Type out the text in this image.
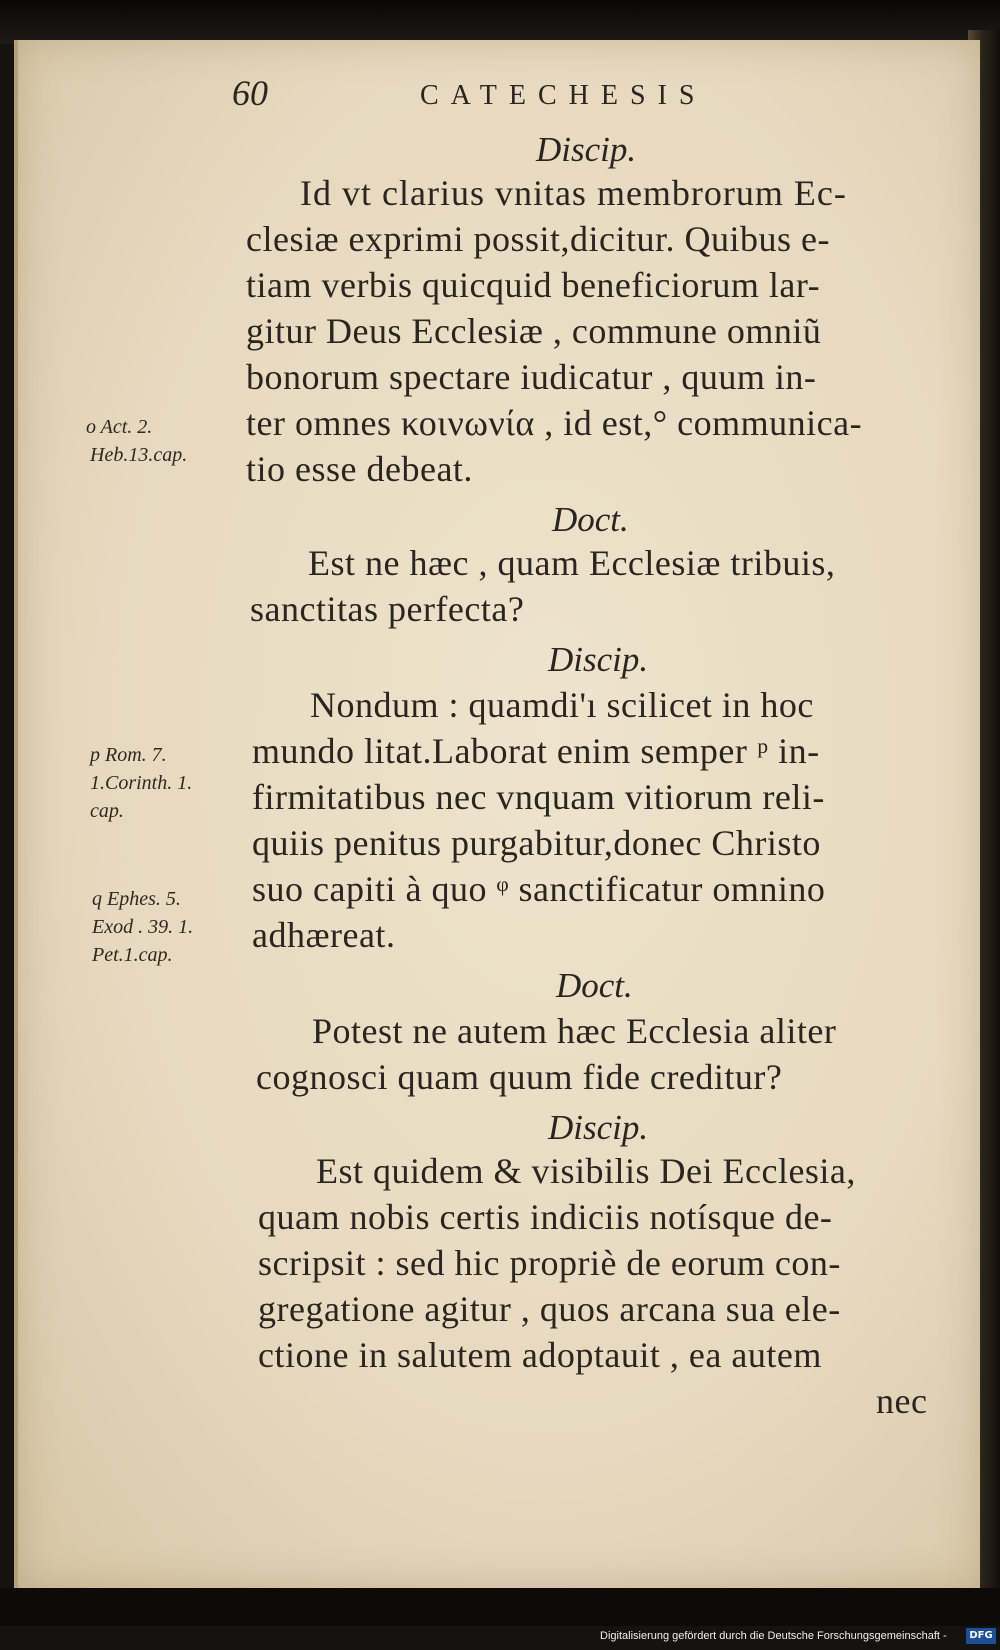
60	CATECHESIS
Discip.
Id vt clarius vnitas membrorum Ec-
clesiæ exprimi possit,dicitur. Quibus e-
tiam verbis quicquid beneficiorum lar-
gitur Deus Ecclesiæ , commune omniũ
bonorum spectare iudicatur , quum in-
ter omnes κοινωνία , id est,° communica-
tio esse debeat.
Doct.
Est ne hæc , quam Ecclesiæ tribuis,
sanctitas perfecta?
Discip.
Nondum : quamdi'ı scilicet in hoc
mundo litat.Laborat enim semper ᵖ in-
firmitatibus nec vnquam vitiorum reli-
quiis penitus purgabitur,donec Christo
suo capiti à quo ᵠ sanctificatur omnino
adhæreat.
Doct.
Potest ne autem hæc Ecclesia aliter
cognosci quam quum fide creditur?
Discip.
Est quidem & visibilis Dei Ecclesia,
quam nobis certis indiciis notísque de-
scripsit : sed hic propriè de eorum con-
gregatione agitur , quos arcana sua ele-
ctione in salutem adoptauit , ea autem
nec
o Act. 2.
Heb.13.cap.
p Rom. 7.
1.Corinth. 1.
cap.
q Ephes. 5.
Exod . 39. 1.
Pet.1.cap.
Digitalisierung gefördert durch die Deutsche Forschungsgemeinschaft -	DFG
